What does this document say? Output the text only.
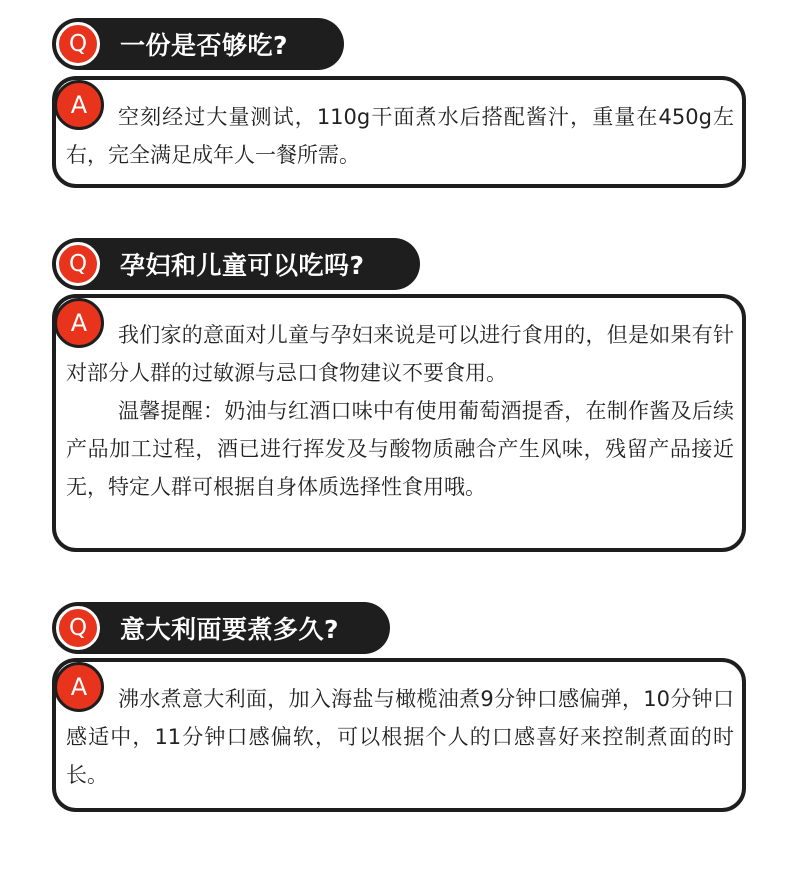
Q	一份是否够吃?

空刻经过大量测试，110g干面煮水后搭配酱汁，重量在450g左右，完全满足成年人一餐所需。

A
Q	孕妇和儿童可以吃吗?

我们家的意面对儿童与孕妇来说是可以进行食用的，但是如果有针对部分人群的过敏源与忌口食物建议不要食用。

温馨提醒：奶油与红酒口味中有使用葡萄酒提香，在制作酱及后续产品加工过程，酒已进行挥发及与酸物质融合产生风味，残留产品接近无，特定人群可根据自身体质选择性食用哦。

A
Q	意大利面要煮多久?

沸水煮意大利面，加入海盐与橄榄油煮9分钟口感偏弹，10分钟口感适中，11分钟口感偏软，可以根据个人的口感喜好来控制煮面的时长。

A
